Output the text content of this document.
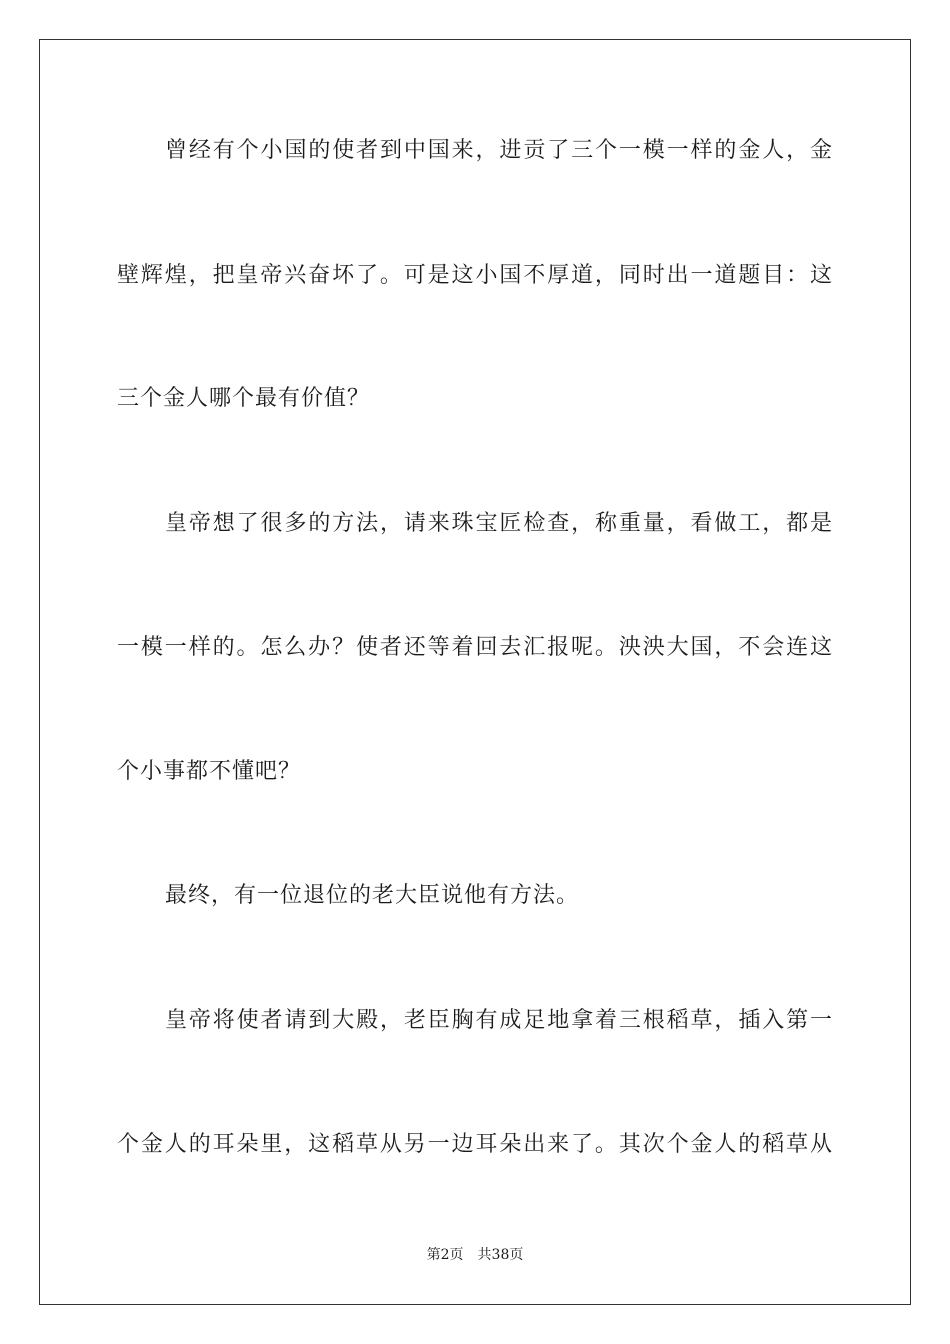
曾经有个小国的使者到中国来，进贡了三个一模一样的金人，金
壁辉煌，把皇帝兴奋坏了。可是这小国不厚道，同时出一道题目：这
三个金人哪个最有价值？
皇帝想了很多的方法，请来珠宝匠检查，称重量，看做工，都是
一模一样的。怎么办？使者还等着回去汇报呢。泱泱大国，不会连这
个小事都不懂吧？
最终，有一位退位的老大臣说他有方法。
皇帝将使者请到大殿，老臣胸有成足地拿着三根稻草，插入第一
个金人的耳朵里，这稻草从另一边耳朵出来了。其次个金人的稻草从
第2页　共38页
